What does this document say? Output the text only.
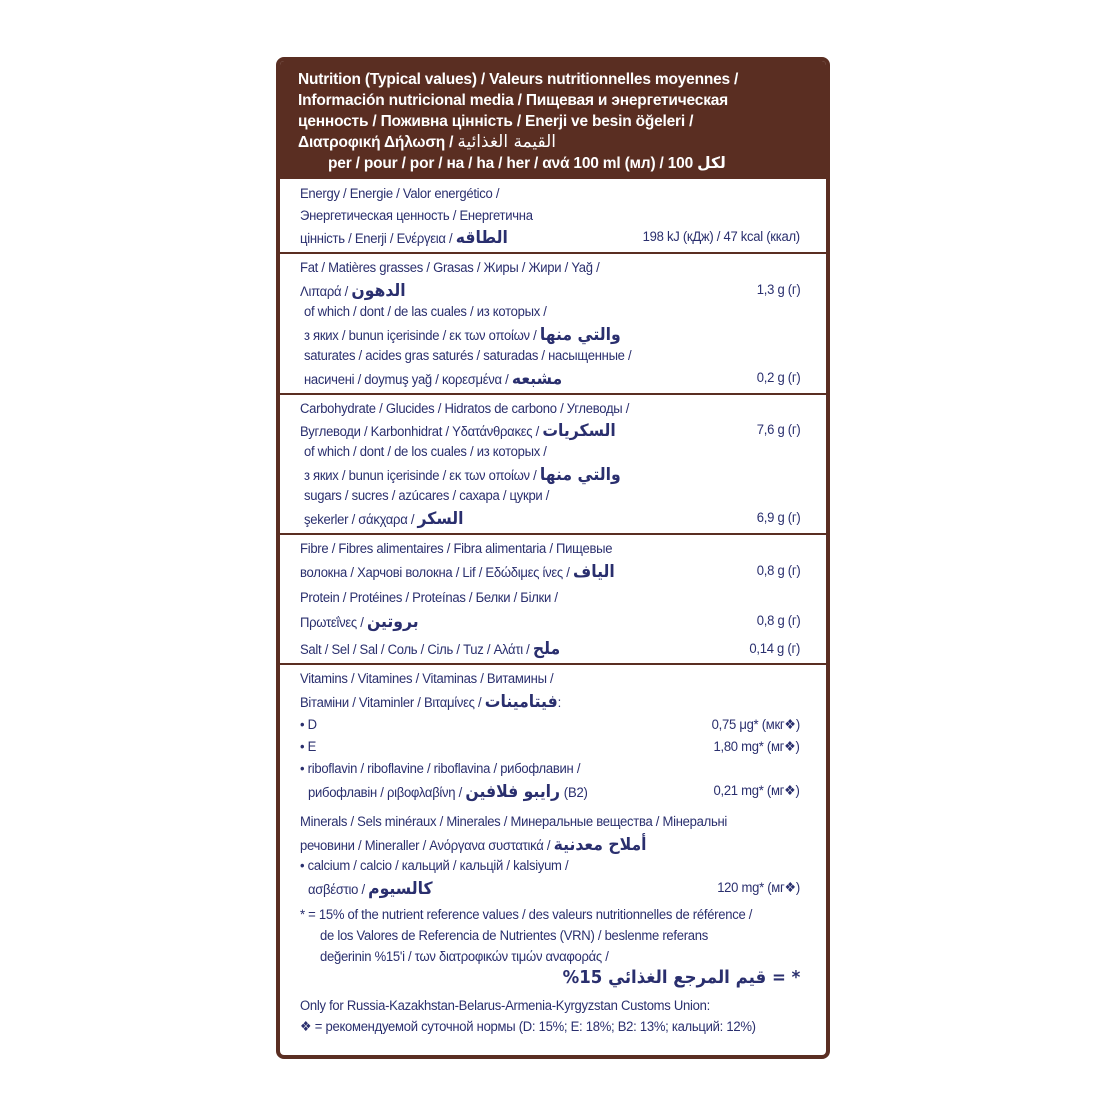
Nutrition (Typical values) / Valeurs nutritionnelles moyennes /
Información nutricional media / Пищевая и энергетическая
ценность / Поживна цінність / Enerji ve besin öğeleri /
Διατροφική Δήλωση / القيمة الغذائية
per / pour / por / на / ha / her / ανά 100 ml (мл) / 100 لكل
Energy / Energie / Valor energético /
Энергетическая ценность / Енергетична
цінність / Enerji / Ενέργεια / الطاقه	198 kJ (кДж) / 47 kcal (ккал)
Fat / Matières grasses / Grasas / Жиры / Жири / Yağ /
Λιπαρά / الدهون	1,3 g (г)
of which / dont / de las cuales / из которых /
з яких / bunun içerisinde / εκ των οποίων / والتي منها
saturates / acides gras saturés / saturadas / насыщенные /
насичені / doymuş yağ / κορεσμένα / مشبعه	0,2 g (г)
Carbohydrate / Glucides / Hidratos de carbono / Углеводы /
Вуглеводи / Karbonhidrat / Υδατάνθρακες / السكريات	7,6 g (г)
of which / dont / de los cuales / из которых /
з яких / bunun içerisinde / εκ των οποίων / والتي منها
sugars / sucres / azúcares / сахара / цукри /
şekerler / σάκχαρα / السكر	6,9 g (г)
Fibre / Fibres alimentaires / Fibra alimentaria / Пищевые
волокна / Харчові волокна / Lif / Εδώδιμες ίνες / الياف	0,8 g (г)
Protein / Protéines / Proteínas / Белки / Білки /
Πρωτεΐνες / بروتين	0,8 g (г)
Salt / Sel / Sal / Соль / Сіль / Tuz / Αλάτι / ملح	0,14 g (г)
Vitamins / Vitamines / Vitaminas / Витамины /
Вітаміни / Vitaminler / Βιταμίνες / فيتامينات:
• D	0,75 μg* (мкг❖)
• E	1,80 mg* (мг❖)
• riboflavin / riboflavine / riboflavina / рибофлавин /
рибофлавін / ριβοφλαβίνη / رايبو فلافين (B2)	0,21 mg* (мг❖)
Minerals / Sels minéraux / Minerales / Минеральные вещества / Мінеральні
речовини / Mineraller / Ανόργανα συστατικά / أملاح معدنية
• calcium / calcio / кальций / кальцій / kalsiyum /
ασβέστιο / كالسيوم	120 mg* (мг❖)
* = 15% of the nutrient reference values / des valeurs nutritionnelles de référence /
de los Valores de Referencia de Nutrientes (VRN) / beslenme referans
değerinin %15'i / των διατροφικών τιμών αναφοράς /
%15 قيم المرجع الغذائي = *
Only for Russia-Kazakhstan-Belarus-Armenia-Kyrgyzstan Customs Union:
❖ = рекомендуемой суточной нормы (D: 15%; E: 18%; B2: 13%; кальций: 12%)
